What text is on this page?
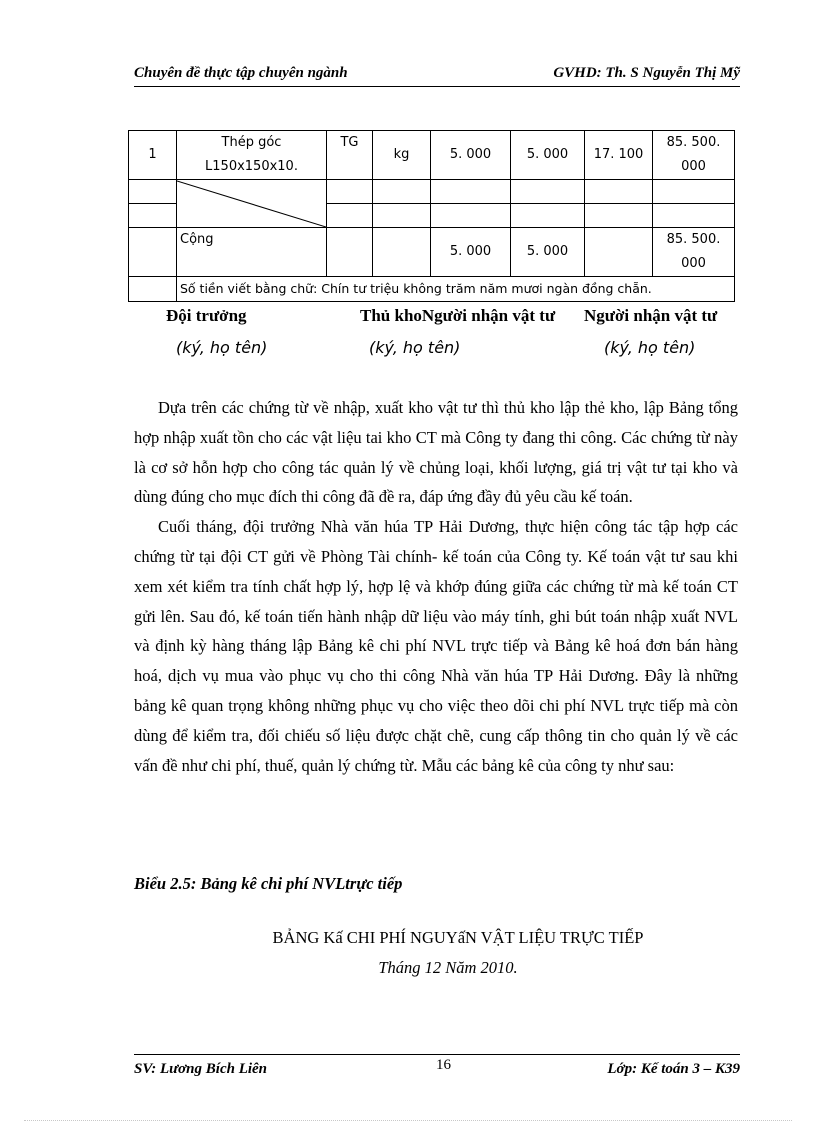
Chuyên đề thực tập chuyên ngành	GVHD: Th. S Nguyễn Thị Mỹ
1	Thép góc L150x150x10.	TG	kg	5. 000	5. 000	17. 100	85. 500. 000

	Cộng			5. 000	5. 000		85. 500. 000
	Số tiền viết bằng chữ: Chín tư triệu không trăm năm mươi ngàn đồng chẵn.						
Đội trưởng	Thủ khoNgười nhận vật tư Người nhận vật tư
(ký, họ tên)	(ký, họ tên)	(ký, họ tên)

Dựa trên các chứng từ về nhập, xuất kho vật tư thì thủ kho lập thẻ kho, lập Bảng tổng hợp nhập xuất tồn cho các vật liệu tai kho CT mà Công ty đang thi công. Các chứng từ này là cơ sở hỗn hợp cho công tác quản lý về chủng loại, khối lượng, giá trị vật tư tại kho và dùng đúng cho mục đích thi công đã đề ra, đáp ứng đầy đủ yêu cầu kế toán.

Cuối tháng, đội trưởng Nhà văn húa TP Hải Dương, thực hiện công tác tập hợp các chứng từ tại đội CT gửi về Phòng Tài chính- kế toán của Công ty. Kế toán vật tư sau khi xem xét kiểm tra tính chất hợp lý, hợp lệ và khớp đúng giữa các chứng từ mà kế toán CT gửi lên. Sau đó, kế toán tiến hành nhập dữ liệu vào máy tính, ghi bút toán nhập xuất NVL và định kỳ hàng tháng lập Bảng kê chi phí NVL trực tiếp và Bảng kê hoá đơn bán hàng hoá, dịch vụ mua vào phục vụ cho thi công Nhà văn húa TP Hải Dương. Đây là những bảng kê quan trọng không những phục vụ cho việc theo dõi chi phí NVL trực tiếp mà còn dùng để kiểm tra, đối chiếu số liệu được chặt chẽ, cung cấp thông tin cho quản lý về các vấn đề như chi phí, thuế, quản lý chứng từ. Mẫu các bảng kê của công ty như sau:

Biểu 2.5: Bảng kê chi phí NVLtrực tiếp
BẢNG Kấ CHI PHÍ NGUYấN VẬT LIỆU TRỰC TIẾP
Tháng 12 Năm 2010.
SV: Lương Bích Liên	16	Lớp: Kế toán 3 – K39
